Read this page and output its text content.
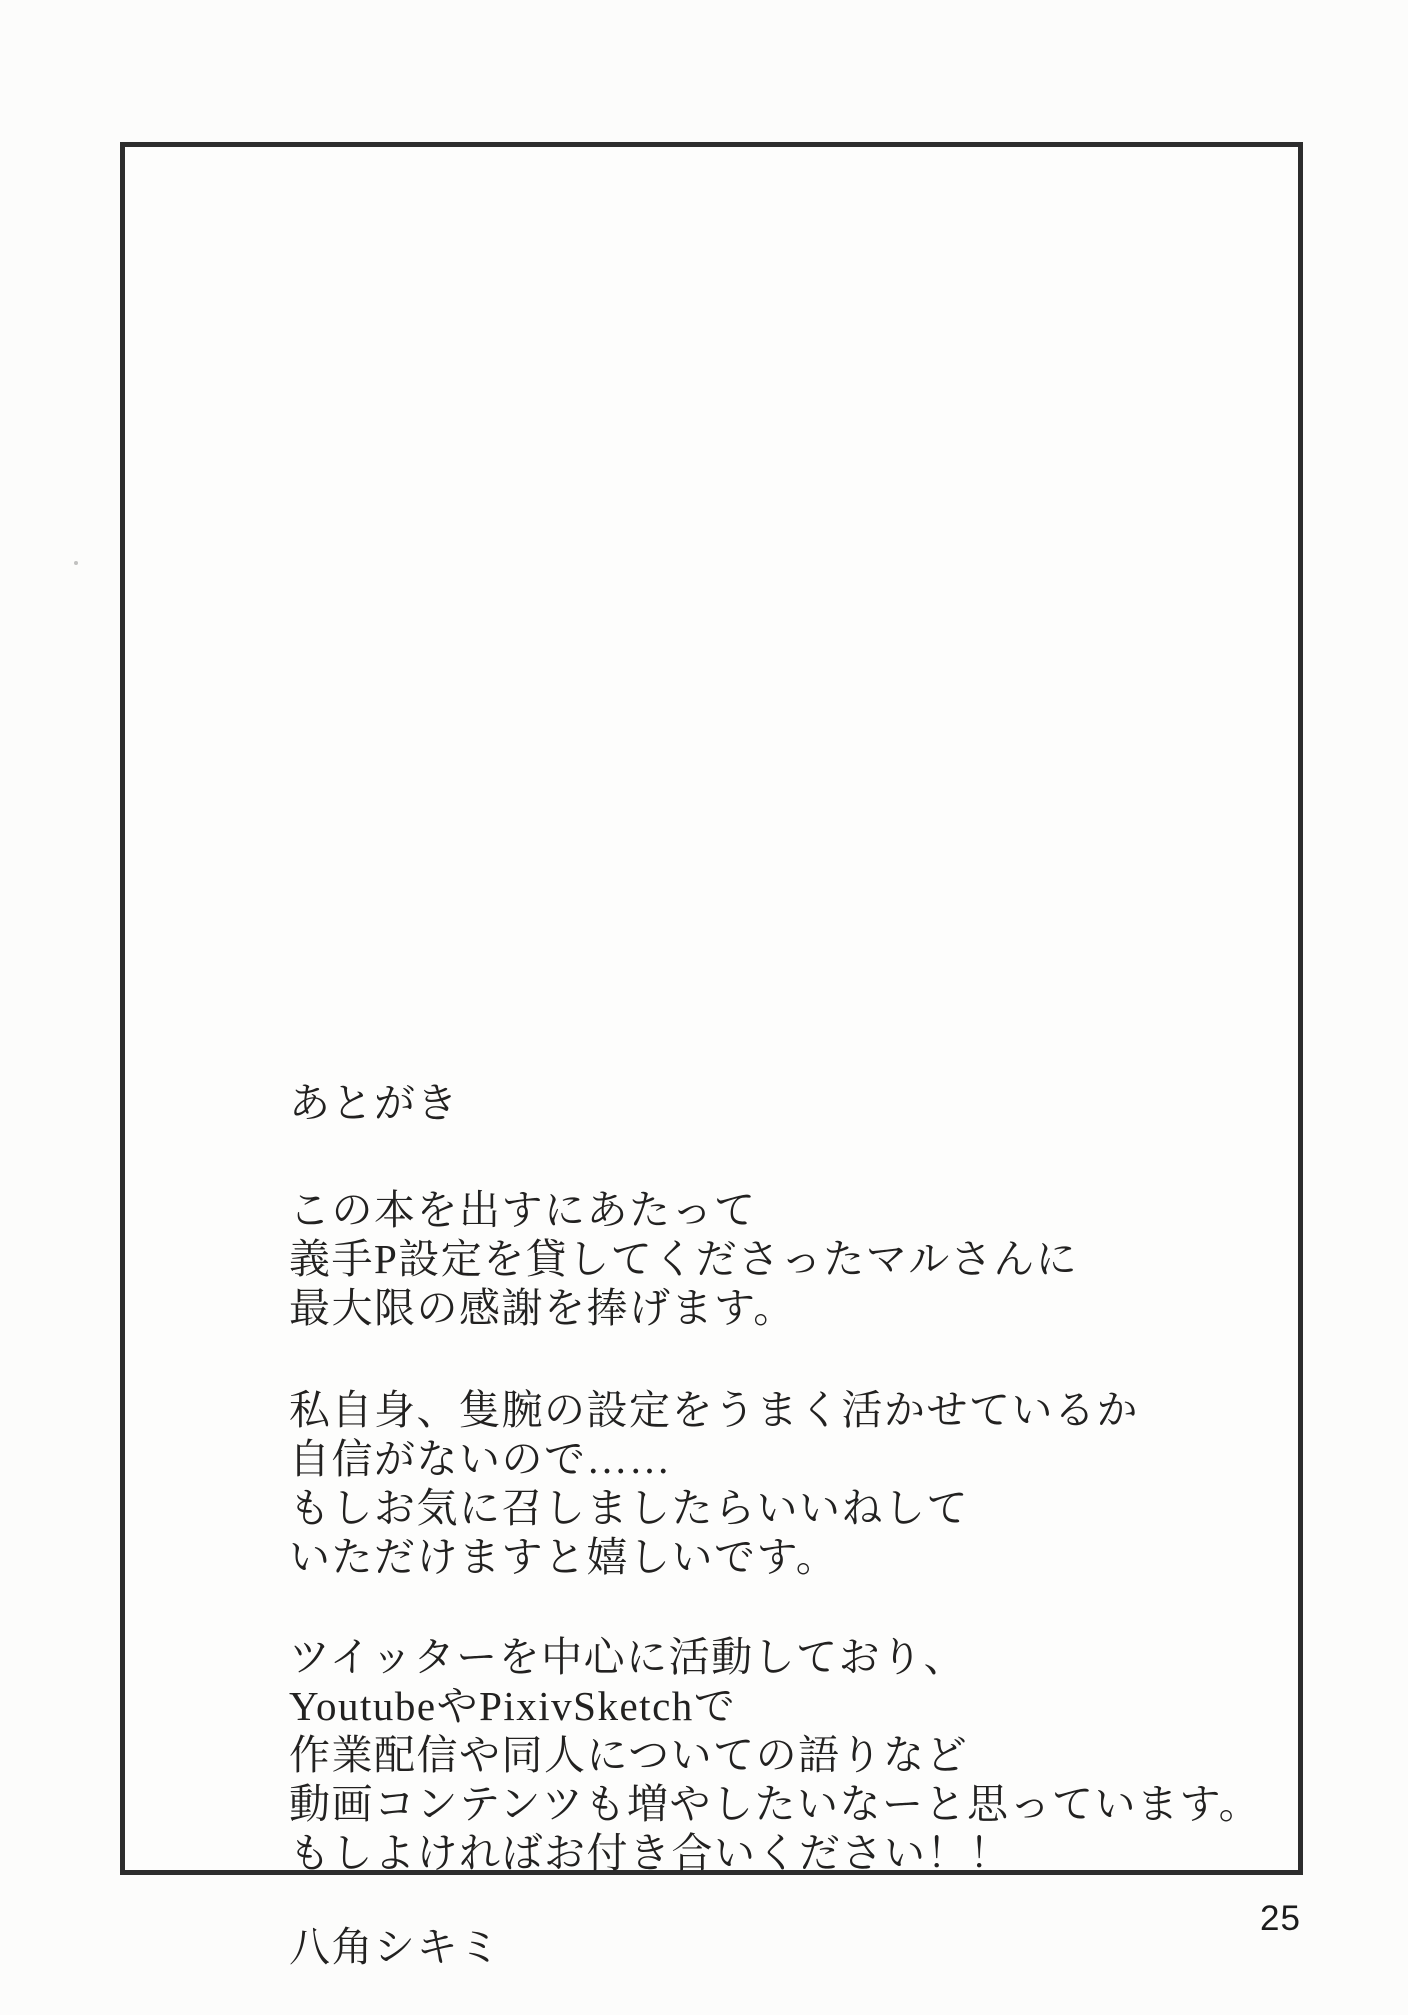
あとがき

この本を出すにあたって
義手P設定を貸してくださったマルさんに
最大限の感謝を捧げます。

私自身、隻腕の設定をうまく活かせているか
自信がないので……
もしお気に召しましたらいいねして
いただけますと嬉しいです。

ツイッターを中心に活動しており、
YoutubeやPixivSketchで
作業配信や同人についての語りなど
動画コンテンツも増やしたいなーと思っています。
もしよければお付き合いください！！

八角シキミ

25
